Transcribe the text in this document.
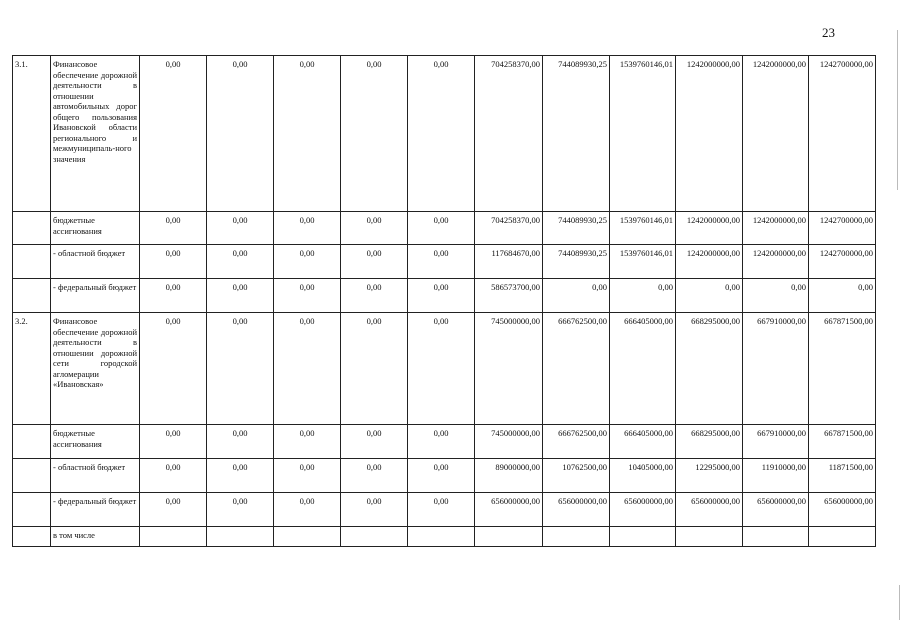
23
3.1.	Финансовое обеспечение дорожной деятельности в отношении автомобильных дорог общего пользования Ивановской области регионального и межмуниципаль-ного значения	0,00	0,00	0,00	0,00	0,00	704258370,00	744089930,25	1539760146,01	1242000000,00	1242000000,00	1242700000,00
	бюджетные ассигнования	0,00	0,00	0,00	0,00	0,00	704258370,00	744089930,25	1539760146,01	1242000000,00	1242000000,00	1242700000,00
	- областной бюджет	0,00	0,00	0,00	0,00	0,00	117684670,00	744089930,25	1539760146,01	1242000000,00	1242000000,00	1242700000,00
	- федеральный бюджет	0,00	0,00	0,00	0,00	0,00	586573700,00	0,00	0,00	0,00	0,00	0,00
3.2.	Финансовое обеспечение дорожной деятельности в отношении дорожной сети городской агломерации «Ивановская»	0,00	0,00	0,00	0,00	0,00	745000000,00	666762500,00	666405000,00	668295000,00	667910000,00	667871500,00
	бюджетные ассигнования	0,00	0,00	0,00	0,00	0,00	745000000,00	666762500,00	666405000,00	668295000,00	667910000,00	667871500,00
	- областной бюджет	0,00	0,00	0,00	0,00	0,00	89000000,00	10762500,00	10405000,00	12295000,00	11910000,00	11871500,00
	- федеральный бюджет	0,00	0,00	0,00	0,00	0,00	656000000,00	656000000,00	656000000,00	656000000,00	656000000,00	656000000,00
	в том числе											
